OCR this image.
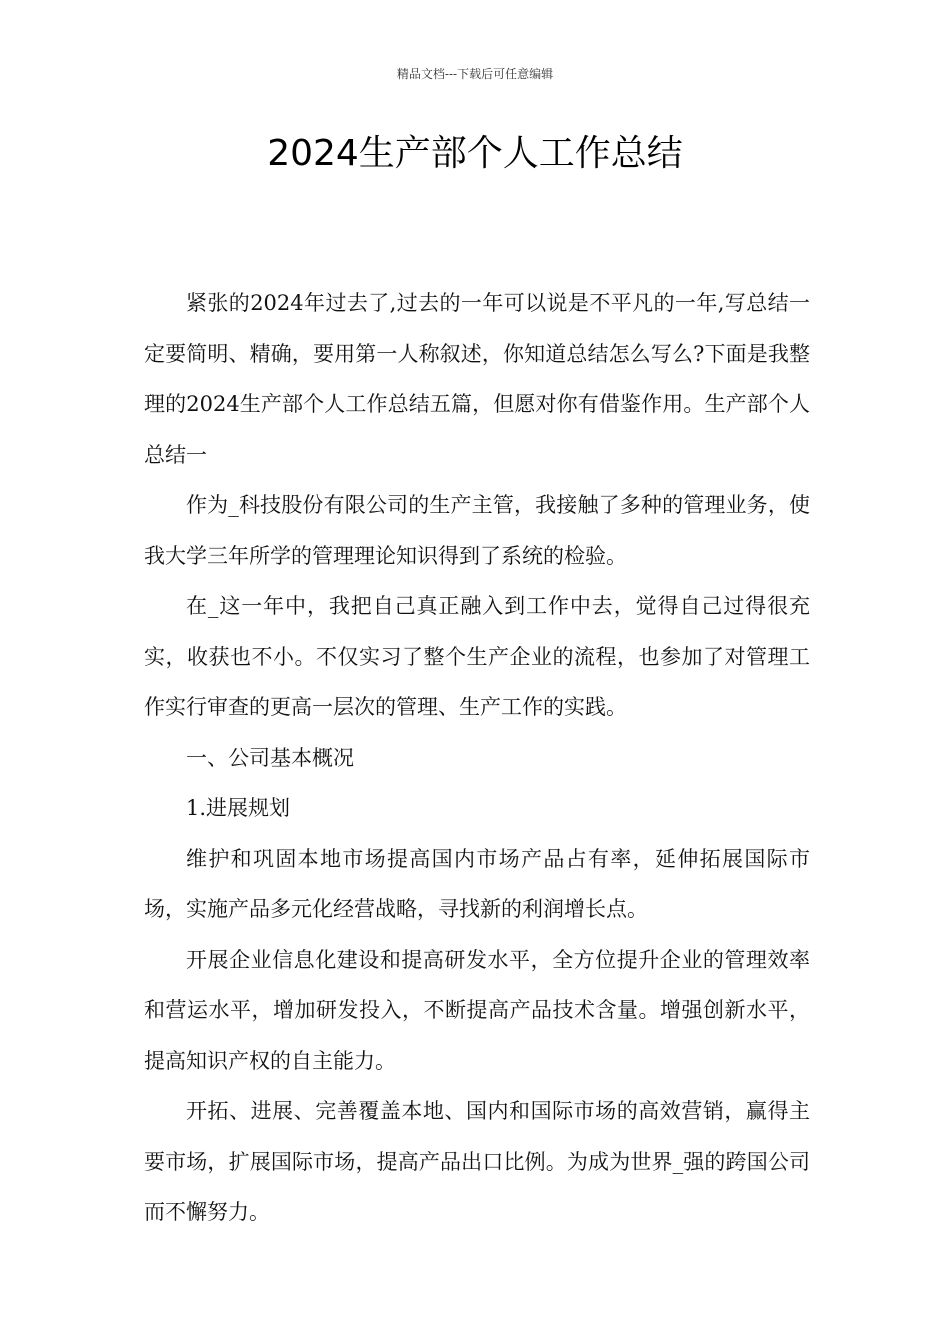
精品文档---下载后可任意编辑
2024生产部个人工作总结

紧张的2024年过去了,过去的一年可以说是不平凡的一年,写总结一定要简明、精确，要用第一人称叙述，你知道总结怎么写么?下面是我整理的2024生产部个人工作总结五篇，但愿对你有借鉴作用。生产部个人总结一

作为_科技股份有限公司的生产主管，我接触了多种的管理业务，使我大学三年所学的管理理论知识得到了系统的检验。

在_这一年中，我把自己真正融入到工作中去，觉得自己过得很充实，收获也不小。不仅实习了整个生产企业的流程，也参加了对管理工作实行审查的更高一层次的管理、生产工作的实践。

一、公司基本概况

1.进展规划

维护和巩固本地市场提高国内市场产品占有率，延伸拓展国际市场，实施产品多元化经营战略，寻找新的利润增长点。

开展企业信息化建设和提高研发水平，全方位提升企业的管理效率和营运水平，增加研发投入，不断提高产品技术含量。增强创新水平，提高知识产权的自主能力。

开拓、进展、完善覆盖本地、国内和国际市场的高效营销，赢得主要市场，扩展国际市场，提高产品出口比例。为成为世界_强的跨国公司而不懈努力。
